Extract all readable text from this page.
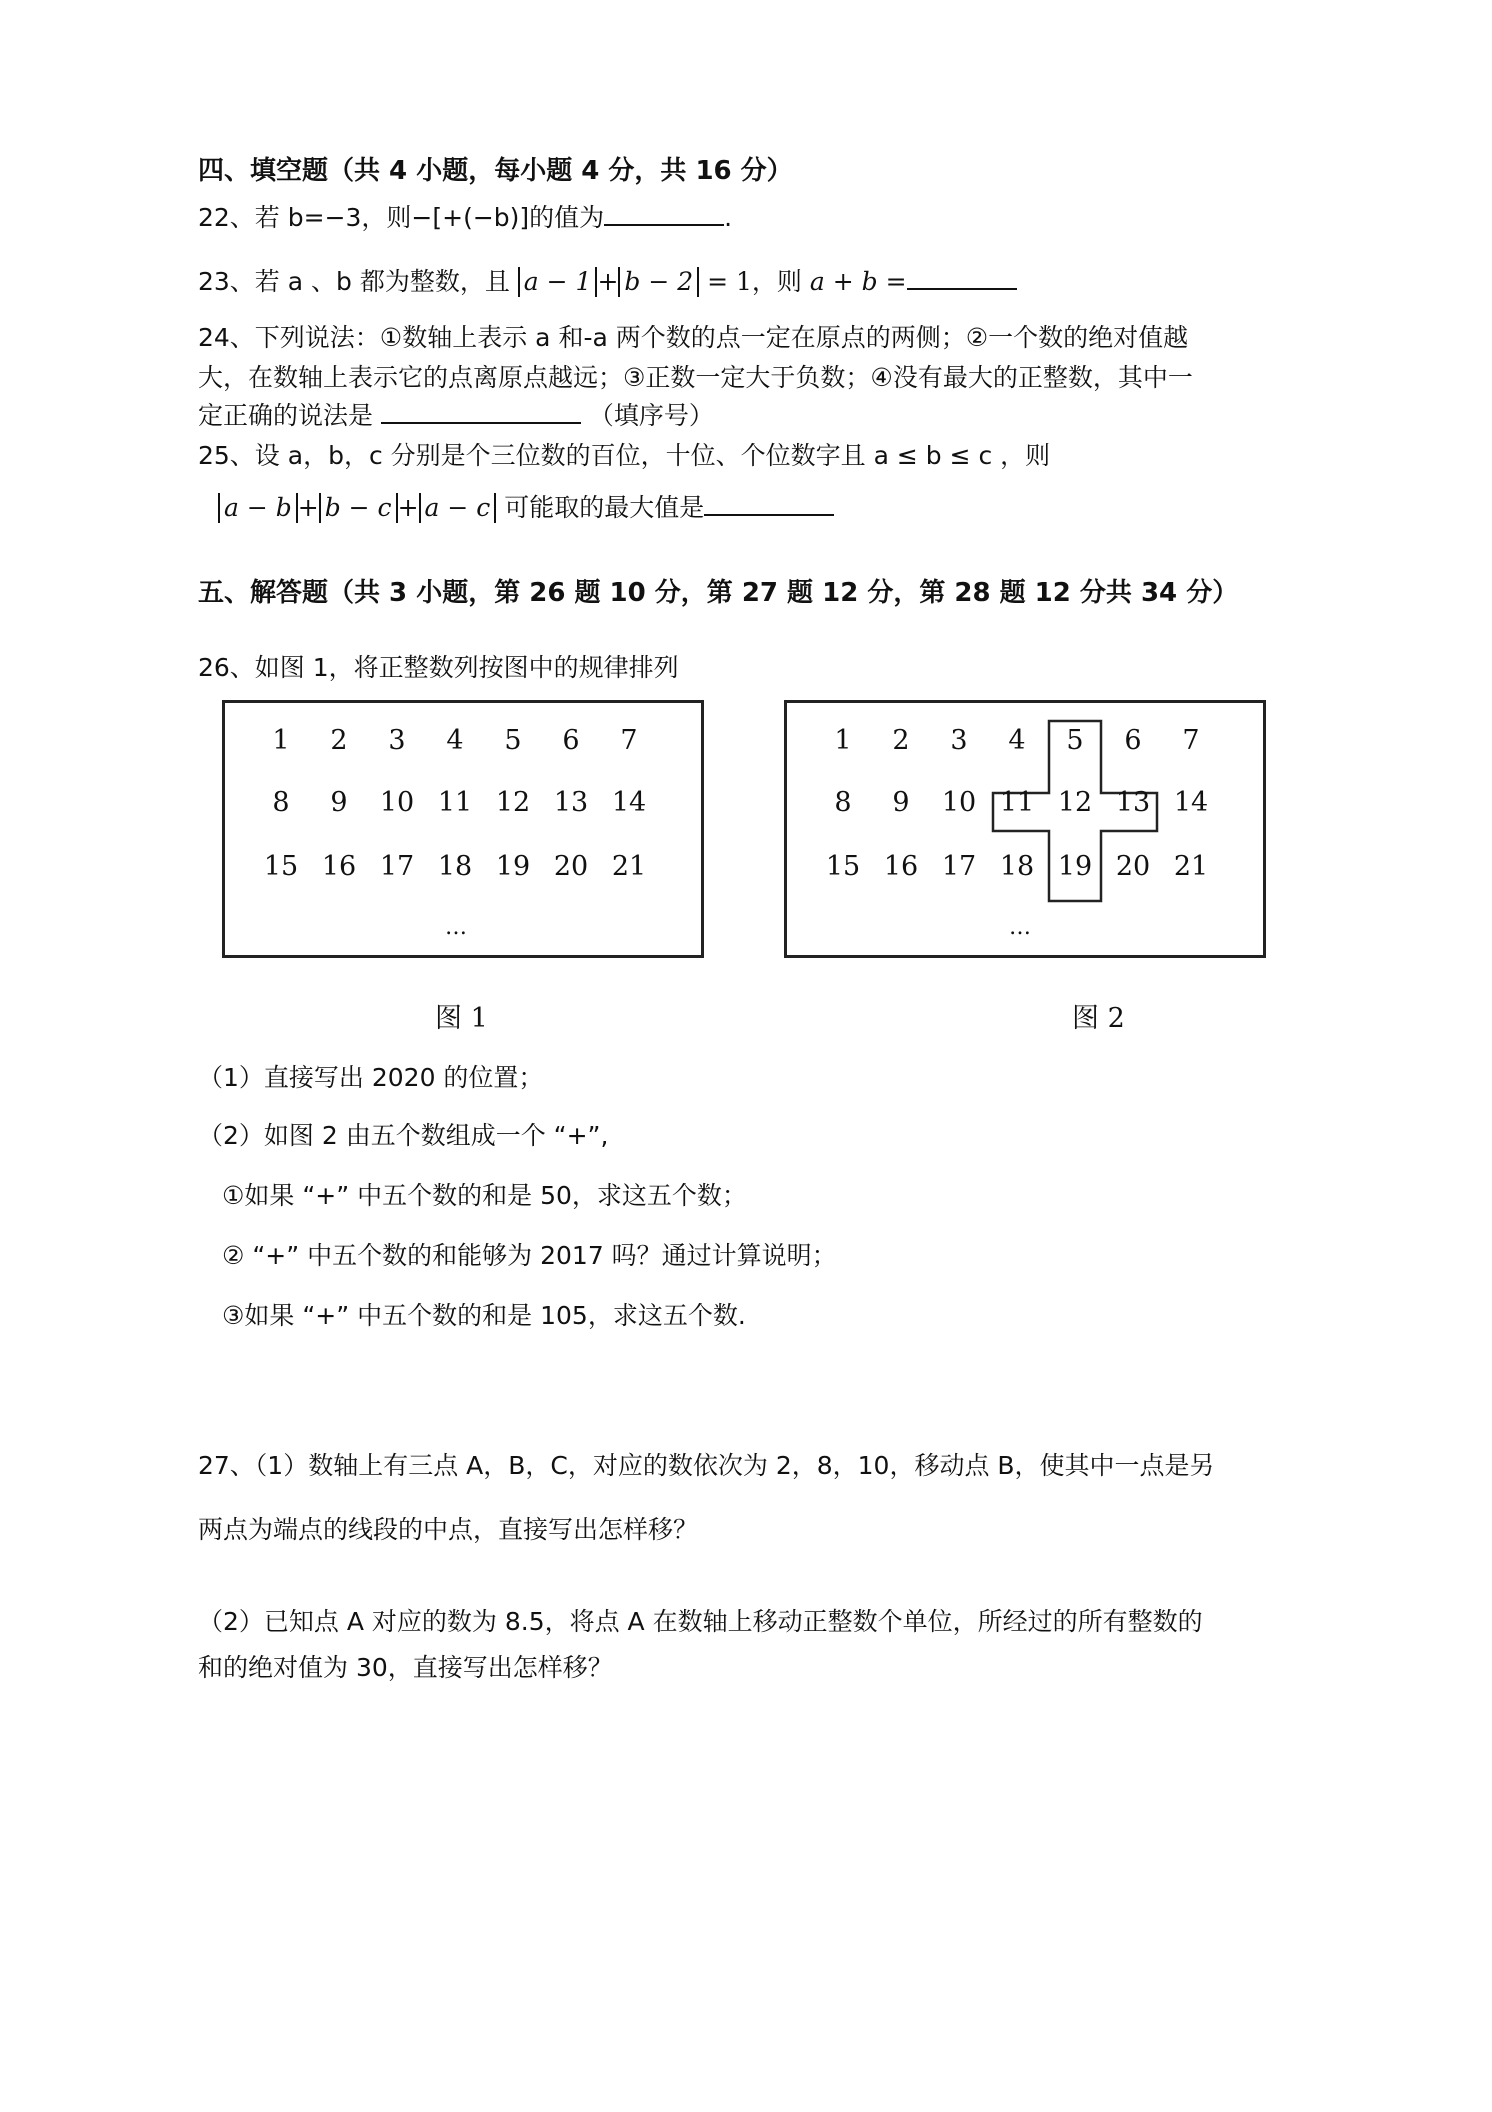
四、填空题（共 4 小题，每小题 4 分，共 16 分）
22、若 b=−3，则−[+(−b)]的值为	.
23、若 a 、b 都为整数，且 a − 1 + b − 2 = 1，则 a + b =
24、下列说法：①数轴上表示 a 和-a 两个数的点一定在原点的两侧；②一个数的绝对值越
大，在数轴上表示它的点离原点越远；③正数一定大于负数；④没有最大的正整数，其中一
定正确的说法是	（填序号）
25、设 a，b，c 分别是个三位数的百位，十位、个位数字且 a ≤ b ≤ c ，则
a − b + b − c + a − c 可能取的最大值是
五、解答题（共 3 小题，第 26 题 10 分，第 27 题 12 分，第 28 题 12 分共 34 分）
26、如图 1，将正整数列按图中的规律排列
1	2	3	4	5	6	7
8	9	10 11 12 13 14
15 16 17 18 19 20 21
…
图 1
1	2	3	4	5	6	7
8	9	10 11 12 13 14
15 16 17 18 19 20 21
…
图 2
（1）直接写出 2020 的位置；
（2）如图 2 由五个数组成一个 “+”,
①如果 “+” 中五个数的和是 50，求这五个数；
② “+” 中五个数的和能够为 2017 吗？通过计算说明；
③如果 “+” 中五个数的和是 105，求这五个数.
27、（1）数轴上有三点 A，B，C，对应的数依次为 2，8，10，移动点 B，使其中一点是另
两点为端点的线段的中点，直接写出怎样移？
（2）已知点 A 对应的数为 8.5，将点 A 在数轴上移动正整数个单位，所经过的所有整数的
和的绝对值为 30，直接写出怎样移？
